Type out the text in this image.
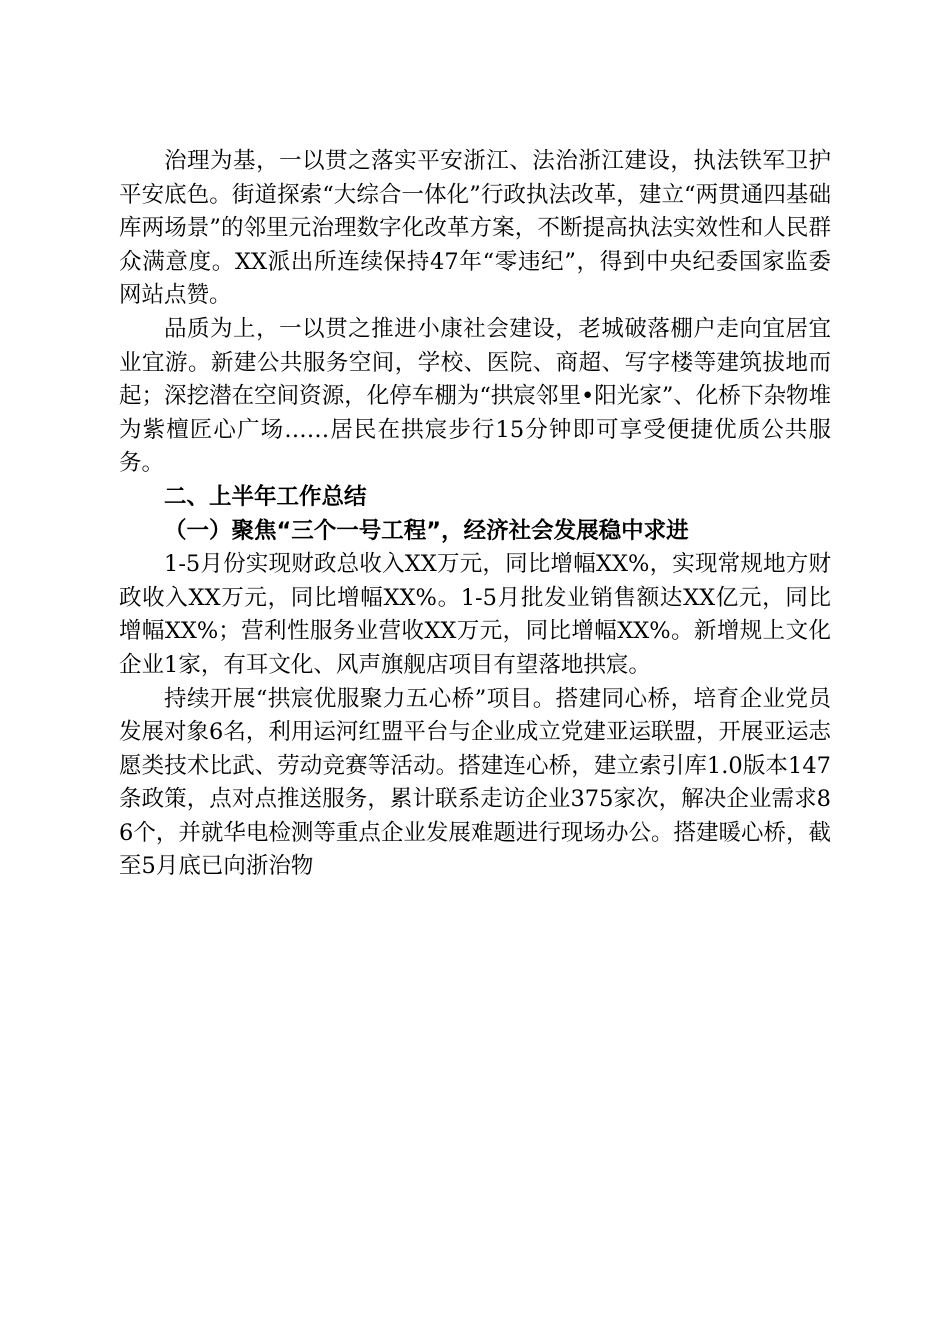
治理为基，一以贯之落实平安浙江、法治浙江建设，执法铁军卫护平安底色。街道探索“大综合一体化”行政执法改革，建立“两贯通四基础库两场景”的邻里元治理数字化改革方案，不断提高执法实效性和人民群众满意度。XX派出所连续保持47年“零违纪”，得到中央纪委国家监委网站点赞。

品质为上，一以贯之推进小康社会建设，老城破落棚户走向宜居宜业宜游。新建公共服务空间，学校、医院、商超、写字楼等建筑拔地而起；深挖潜在空间资源，化停车棚为“拱宸邻里•阳光家”、化桥下杂物堆为紫檀匠心广场……居民在拱宸步行15分钟即可享受便捷优质公共服务。

二、上半年工作总结

（一）聚焦“三个一号工程”，经济社会发展稳中求进

1-5月份实现财政总收入XX万元，同比增幅XX%，实现常规地方财政收入XX万元，同比增幅XX%。1-5月批发业销售额达XX亿元，同比增幅XX%；营利性服务业营收XX万元，同比增幅XX%。新增规上文化企业1家，有耳文化、风声旗舰店项目有望落地拱宸。

持续开展“拱宸优服聚力五心桥”项目。搭建同心桥，培育企业党员发展对象6名，利用运河红盟平台与企业成立党建亚运联盟，开展亚运志愿类技术比武、劳动竞赛等活动。搭建连心桥，建立索引库1.0版本147条政策，点对点推送服务，累计联系走访企业375家次，解决企业需求86个，并就华电检测等重点企业发展难题进行现场办公。搭建暖心桥，截至5月底已向浙治物
